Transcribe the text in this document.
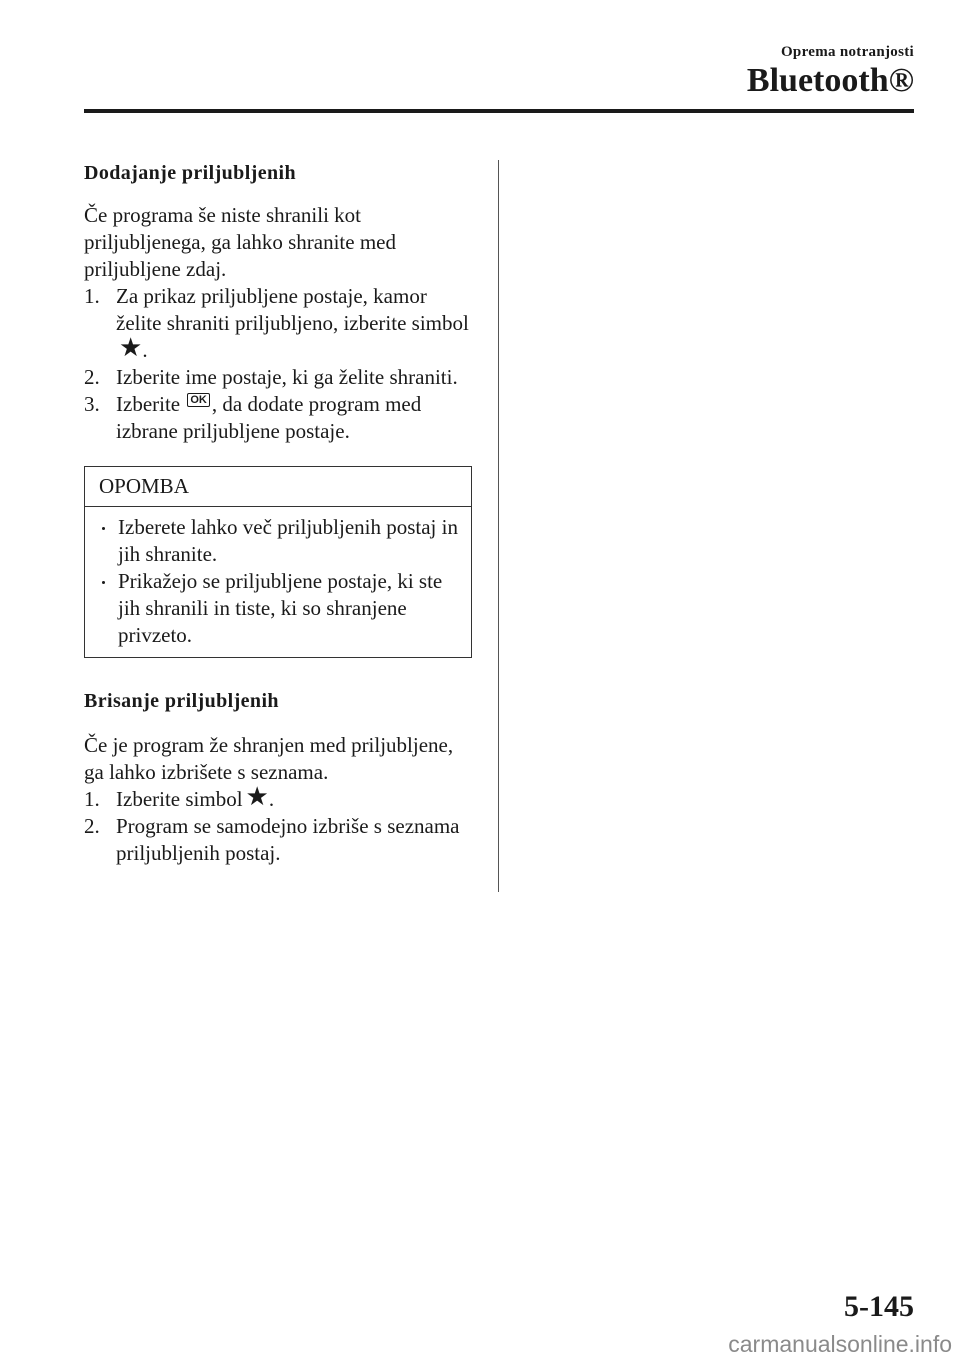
Oprema notranjosti
Bluetooth®
Dodajanje priljubljenih

Če programa še niste shranili kot priljubljenega, ga lahko shranite med priljubljene zdaj.

1. Za prikaz priljubljene postaje, kamor želite shraniti priljubljeno, izberite simbol★.
2. Izberite ime postaje, ki ga želite shraniti.
3. Izberite OK , da dodate program med izbrane priljubljene postaje.
OPOMBA
Izberete lahko več priljubljenih postaj in jih shranite.
Prikažejo se priljubljene postaje, ki ste jih shranili in tiste, ki so shranjene privzeto.
Brisanje priljubljenih

Če je program že shranjen med priljubljene, ga lahko izbrišete s seznama.

1. Izberite simbol ★.
2. Program se samodejno izbriše s seznama priljubljenih postaj.
5-145
carmanualsonline.info
